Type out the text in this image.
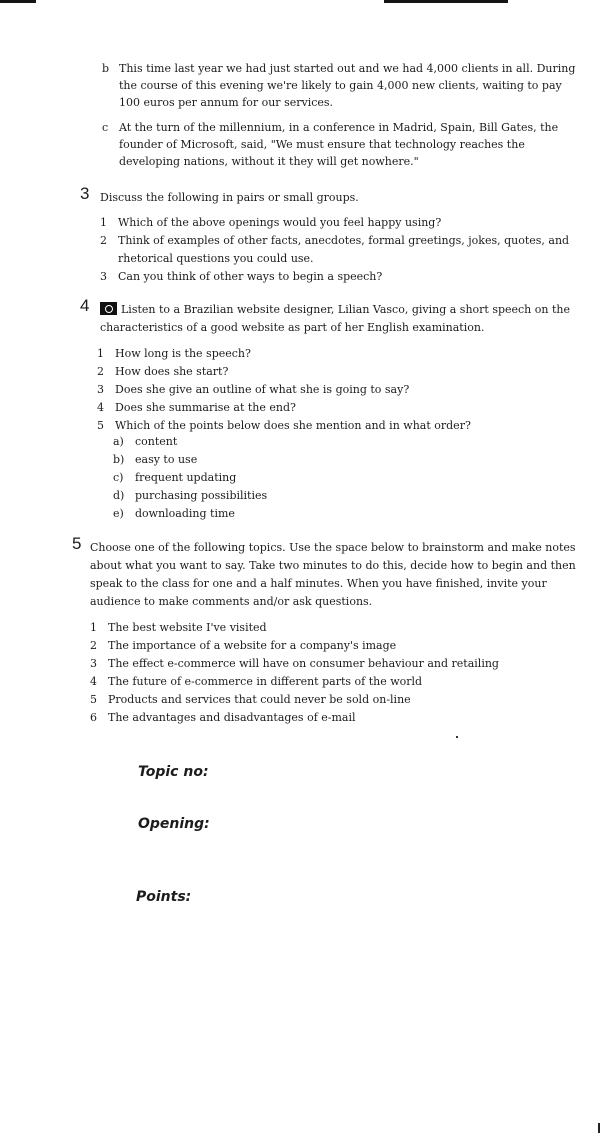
b This time last year we had just started out and we had 4,000 clients in all. During the course of this evening we're likely to gain 4,000 new clients, waiting to pay 100 euros per annum for our services.
c At the turn of the millennium, in a conference in Madrid, Spain, Bill Gates, the founder of Microsoft, said, "We must ensure that technology reaches the developing nations, without it they will get nowhere."
3 Discuss the following in pairs or small groups.
1 Which of the above openings would you feel happy using?
2 Think of examples of other facts, anecdotes, formal greetings, jokes, quotes, and rhetorical questions you could use.
3 Can you think of other ways to begin a speech?
4	Listen to a Brazilian website designer, Lilian Vasco, giving a short speech on the characteristics of a good website as part of her English examination.
1 How long is the speech?
2 How does she start?
3 Does she give an outline of what she is going to say?
4 Does she summarise at the end?
5 Which of the points below does she mention and in what order?
a) content
b) easy to use
c) frequent updating
d) purchasing possibilities
e) downloading time
5 Choose one of the following topics. Use the space below to brainstorm and make notes about what you want to say. Take two minutes to do this, decide how to begin and then speak to the class for one and a half minutes. When you have finished, invite your audience to make comments and/or ask questions.
1 The best website I've visited
2 The importance of a website for a company's image
3 The effect e-commerce will have on consumer behaviour and retailing
4 The future of e-commerce in different parts of the world
5 Products and services that could never be sold on-line
6 The advantages and disadvantages of e-mail
Topic no:
Opening:
Points:
